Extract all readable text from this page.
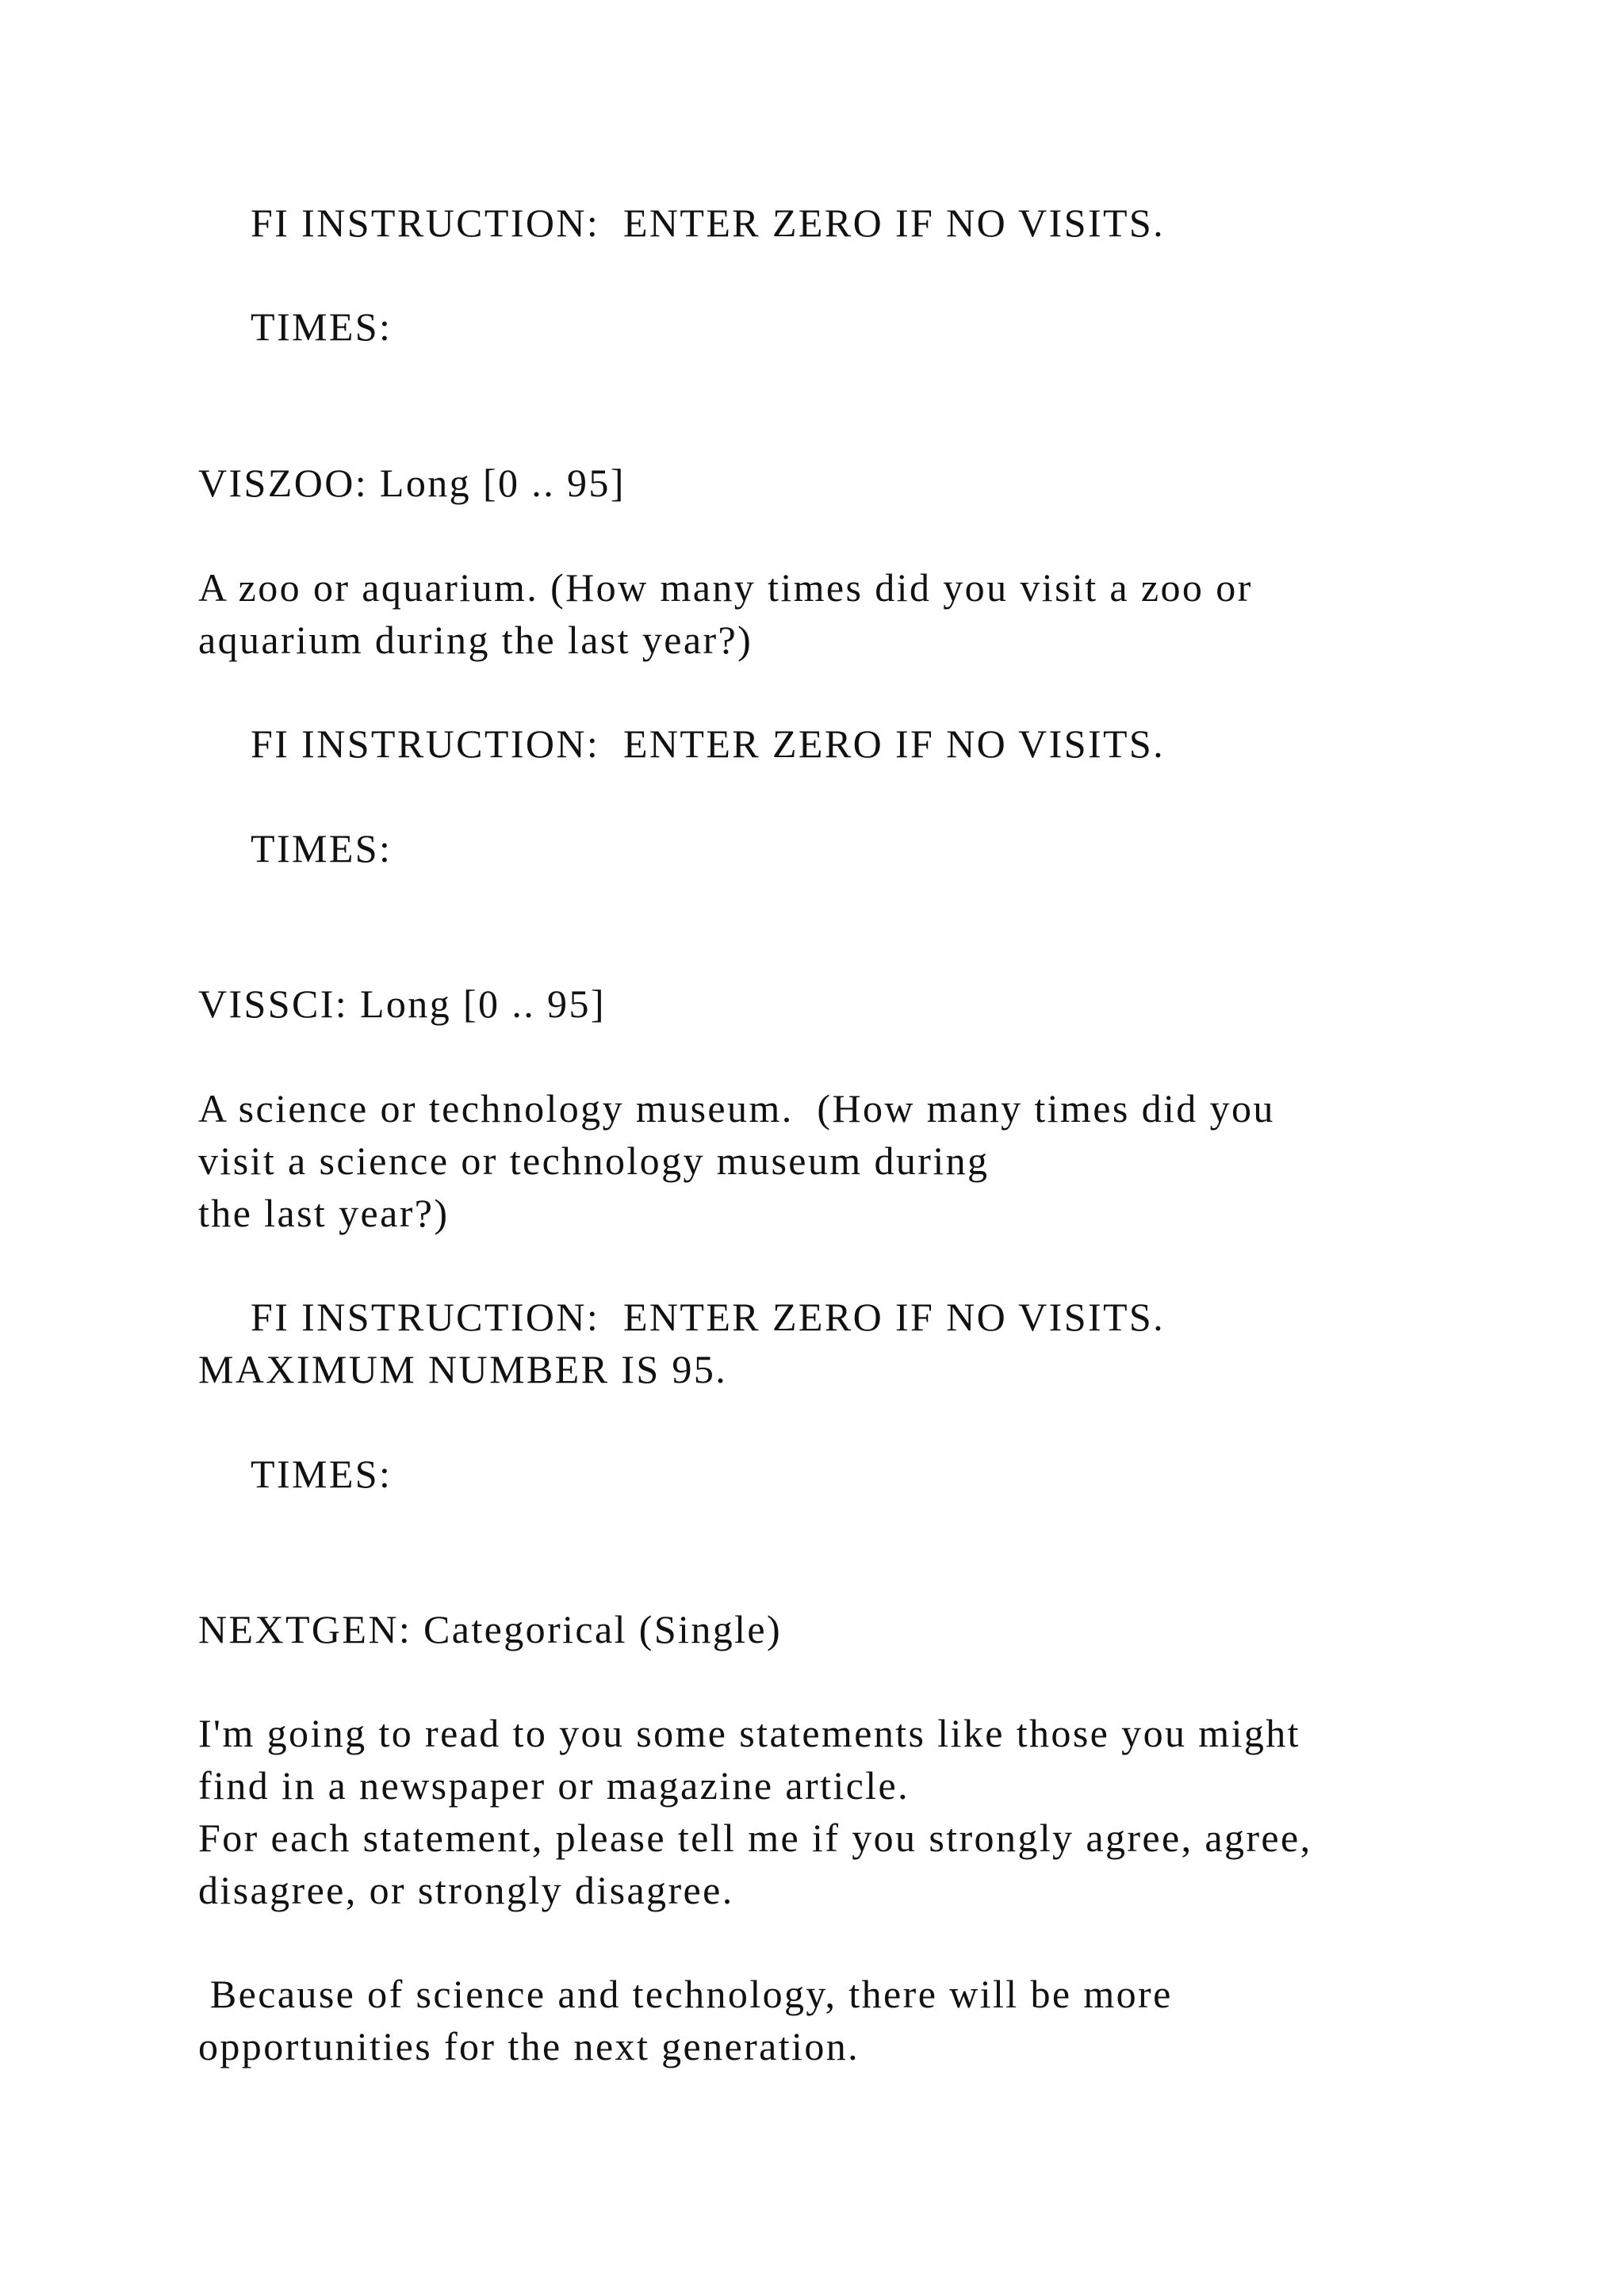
FI INSTRUCTION:  ENTER ZERO IF NO VISITS.

TIMES:

VISZOO: Long [0 .. 95]

A zoo or aquarium. (How many times did you visit a zoo or

aquarium during the last year?)

FI INSTRUCTION:  ENTER ZERO IF NO VISITS.

TIMES:

VISSCI: Long [0 .. 95]

A science or technology museum.  (How many times did you

visit a science or technology museum during

the last year?)

FI INSTRUCTION:  ENTER ZERO IF NO VISITS.

MAXIMUM NUMBER IS 95.

TIMES:

NEXTGEN: Categorical (Single)

I'm going to read to you some statements like those you might

find in a newspaper or magazine article.

For each statement, please tell me if you strongly agree, agree,

disagree, or strongly disagree.

Because of science and technology, there will be more

opportunities for the next generation.
